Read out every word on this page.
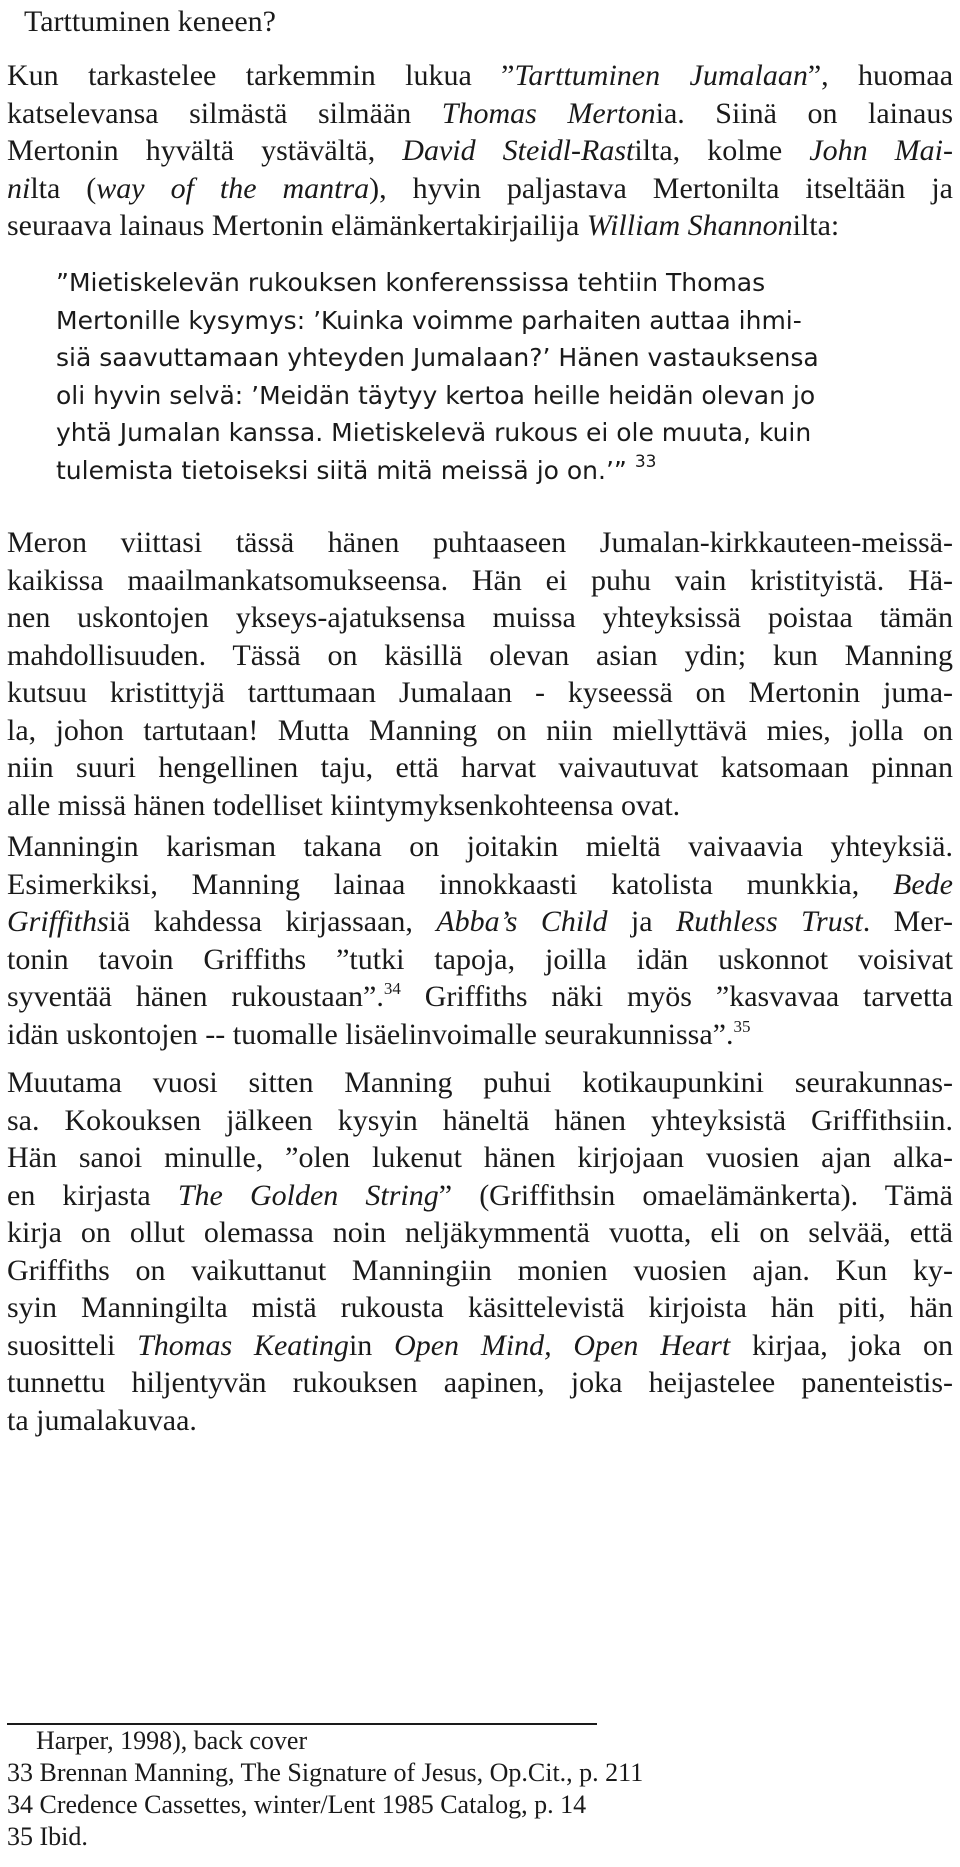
Tarttuminen keneen?
Kun tarkastelee tarkemmin lukua ”Tarttuminen Jumalaan”, huomaa
katselevansa silmästä silmään Thomas Mertonia. Siinä on lainaus
Mertonin hyvältä ystävältä, David Steidl-Rastilta, kolme John Mai-
nilta (way of the mantra), hyvin paljastava Mertonilta itseltään ja
seuraava lainaus Mertonin elämänkertakirjailija William Shannonilta:
”Mietiskelevän rukouksen konferenssissa tehtiin Thomas
Mertonille kysymys: ’Kuinka voimme parhaiten auttaa ihmi-
siä saavuttamaan yhteyden Jumalaan?’ Hänen vastauksensa
oli hyvin selvä: ’Meidän täytyy kertoa heille heidän olevan jo
yhtä Jumalan kanssa. Mietiskelevä rukous ei ole muuta, kuin
tulemista tietoiseksi siitä mitä meissä jo on.’” $^{33}$
Meron viittasi tässä hänen puhtaaseen Jumalan-kirkkauteen-meissä-
kaikissa maailmankatsomukseensa. Hän ei puhu vain kristityistä. Hä-
nen uskontojen ykseys-ajatuksensa muissa yhteyksissä poistaa tämän
mahdollisuuden. Tässä on käsillä olevan asian ydin; kun Manning
kutsuu kristittyjä tarttumaan Jumalaan - kyseessä on Mertonin juma-
la, johon tartutaan! Mutta Manning on niin miellyttävä mies, jolla on
niin suuri hengellinen taju, että harvat vaivautuvat katsomaan pinnan
alle missä hänen todelliset kiintymyksenkohteensa ovat.
Manningin karisman takana on joitakin mieltä vaivaavia yhteyksiä.
Esimerkiksi, Manning lainaa innokkaasti katolista munkkia, Bede
Griffithsiä kahdessa kirjassaan, Abba’s Child ja Ruthless Trust. Mer-
tonin tavoin Griffiths ”tutki tapoja, joilla idän uskonnot voisivat
syventää hänen rukoustaan”.$^{34}$ Griffiths näki myös ”kasvavaa tarvetta
idän uskontojen -- tuomalle lisäelinvoimalle seurakunnissa”.$^{35}$
Muutama vuosi sitten Manning puhui kotikaupunkini seurakunnas-
sa. Kokouksen jälkeen kysyin häneltä hänen yhteyksistä Griffithsiin.
Hän sanoi minulle, ”olen lukenut hänen kirjojaan vuosien ajan alka-
en kirjasta The Golden String” (Griffithsin omaelämänkerta). Tämä
kirja on ollut olemassa noin neljäkymmentä vuotta, eli on selvää, että
Griffiths on vaikuttanut Manningiin monien vuosien ajan. Kun ky-
syin Manningilta mistä rukousta käsittelevistä kirjoista hän piti, hän
suositteli Thomas Keatingin Open Mind, Open Heart kirjaa, joka on
tunnettu hiljentyvän rukouksen aapinen, joka heijastelee panenteistis-
ta jumalakuvaa.
Harper, 1998), back cover
33 Brennan Manning, The Signature of Jesus, Op.Cit., p. 211
34 Credence Cassettes, winter/Lent 1985 Catalog, p. 14
35 Ibid.
